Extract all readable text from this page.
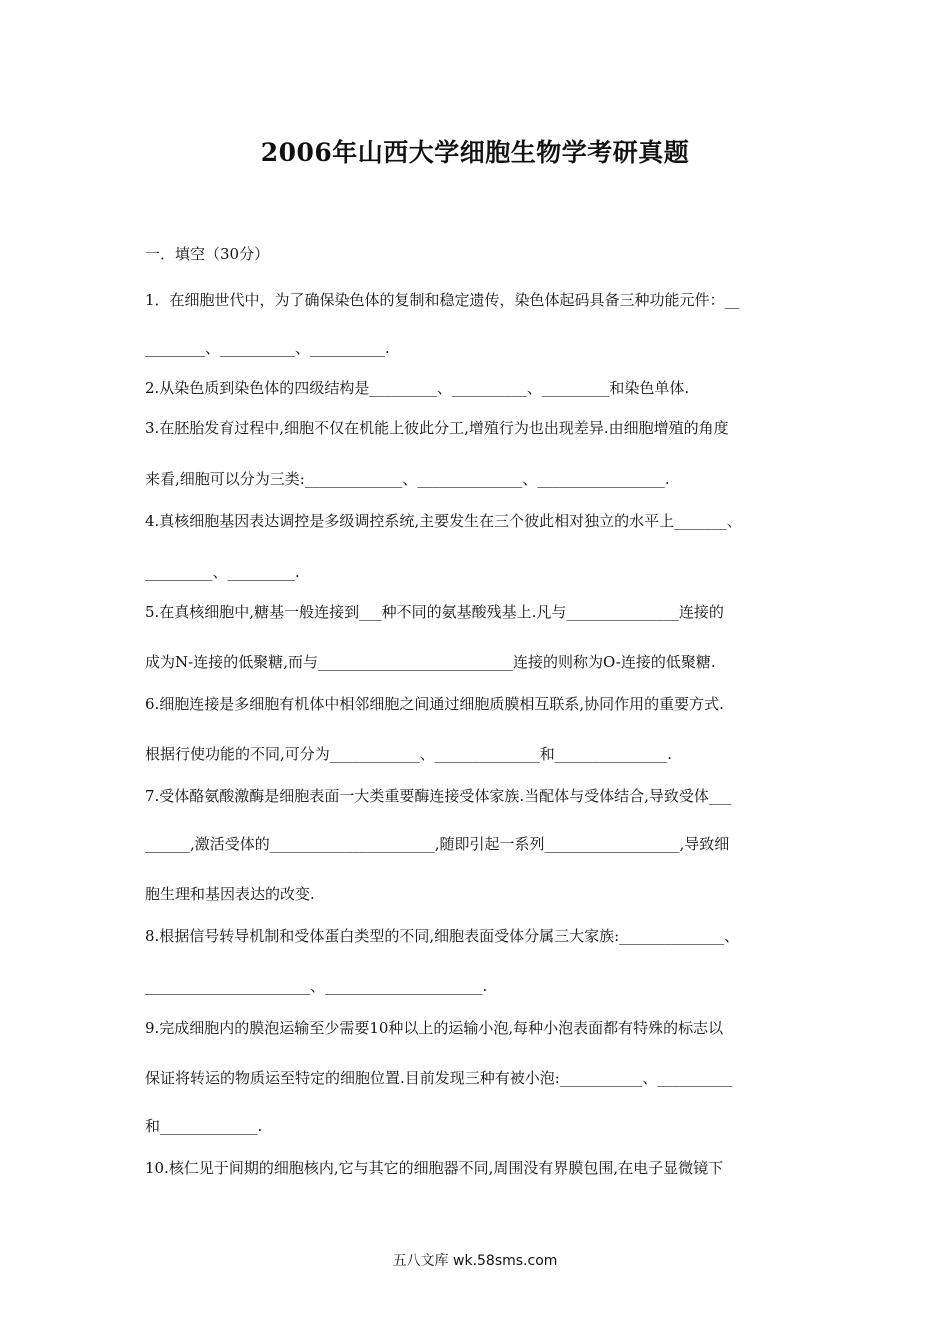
2006年山西大学细胞生物学考研真题
一．填空（30分）
1．在细胞世代中，为了确保染色体的复制和稳定遗传，染色体起码具备三种功能元件：__
________、__________、__________.
2.从染色质到染色体的四级结构是_________、__________、_________和染色单体.
3.在胚胎发育过程中,细胞不仅在机能上彼此分工,增殖行为也出现差异.由细胞增殖的角度
来看,细胞可以分为三类:_____________、______________、_________________.
4.真核细胞基因表达调控是多级调控系统,主要发生在三个彼此相对独立的水平上_______、
_________、_________.
5.在真核细胞中,糖基一般连接到___种不同的氨基酸残基上.凡与_______________连接的
成为N-连接的低聚糖,而与__________________________连接的则称为O-连接的低聚糖.
6.细胞连接是多细胞有机体中相邻细胞之间通过细胞质膜相互联系,协同作用的重要方式.
根据行使功能的不同,可分为____________、______________和_______________.
7.受体酪氨酸激酶是细胞表面一大类重要酶连接受体家族.当配体与受体结合,导致受体___
______,激活受体的______________________,随即引起一系列__________________,导致细
胞生理和基因表达的改变.
8.根据信号转导机制和受体蛋白类型的不同,细胞表面受体分属三大家族:______________、
______________________、_____________________.
9.完成细胞内的膜泡运输至少需要10种以上的运输小泡,每种小泡表面都有特殊的标志以
保证将转运的物质运至特定的细胞位置.目前发现三种有被小泡:___________、__________
和_____________.
10.核仁见于间期的细胞核内,它与其它的细胞器不同,周围没有界膜包围,在电子显微镜下
五八文库 wk.58sms.com
